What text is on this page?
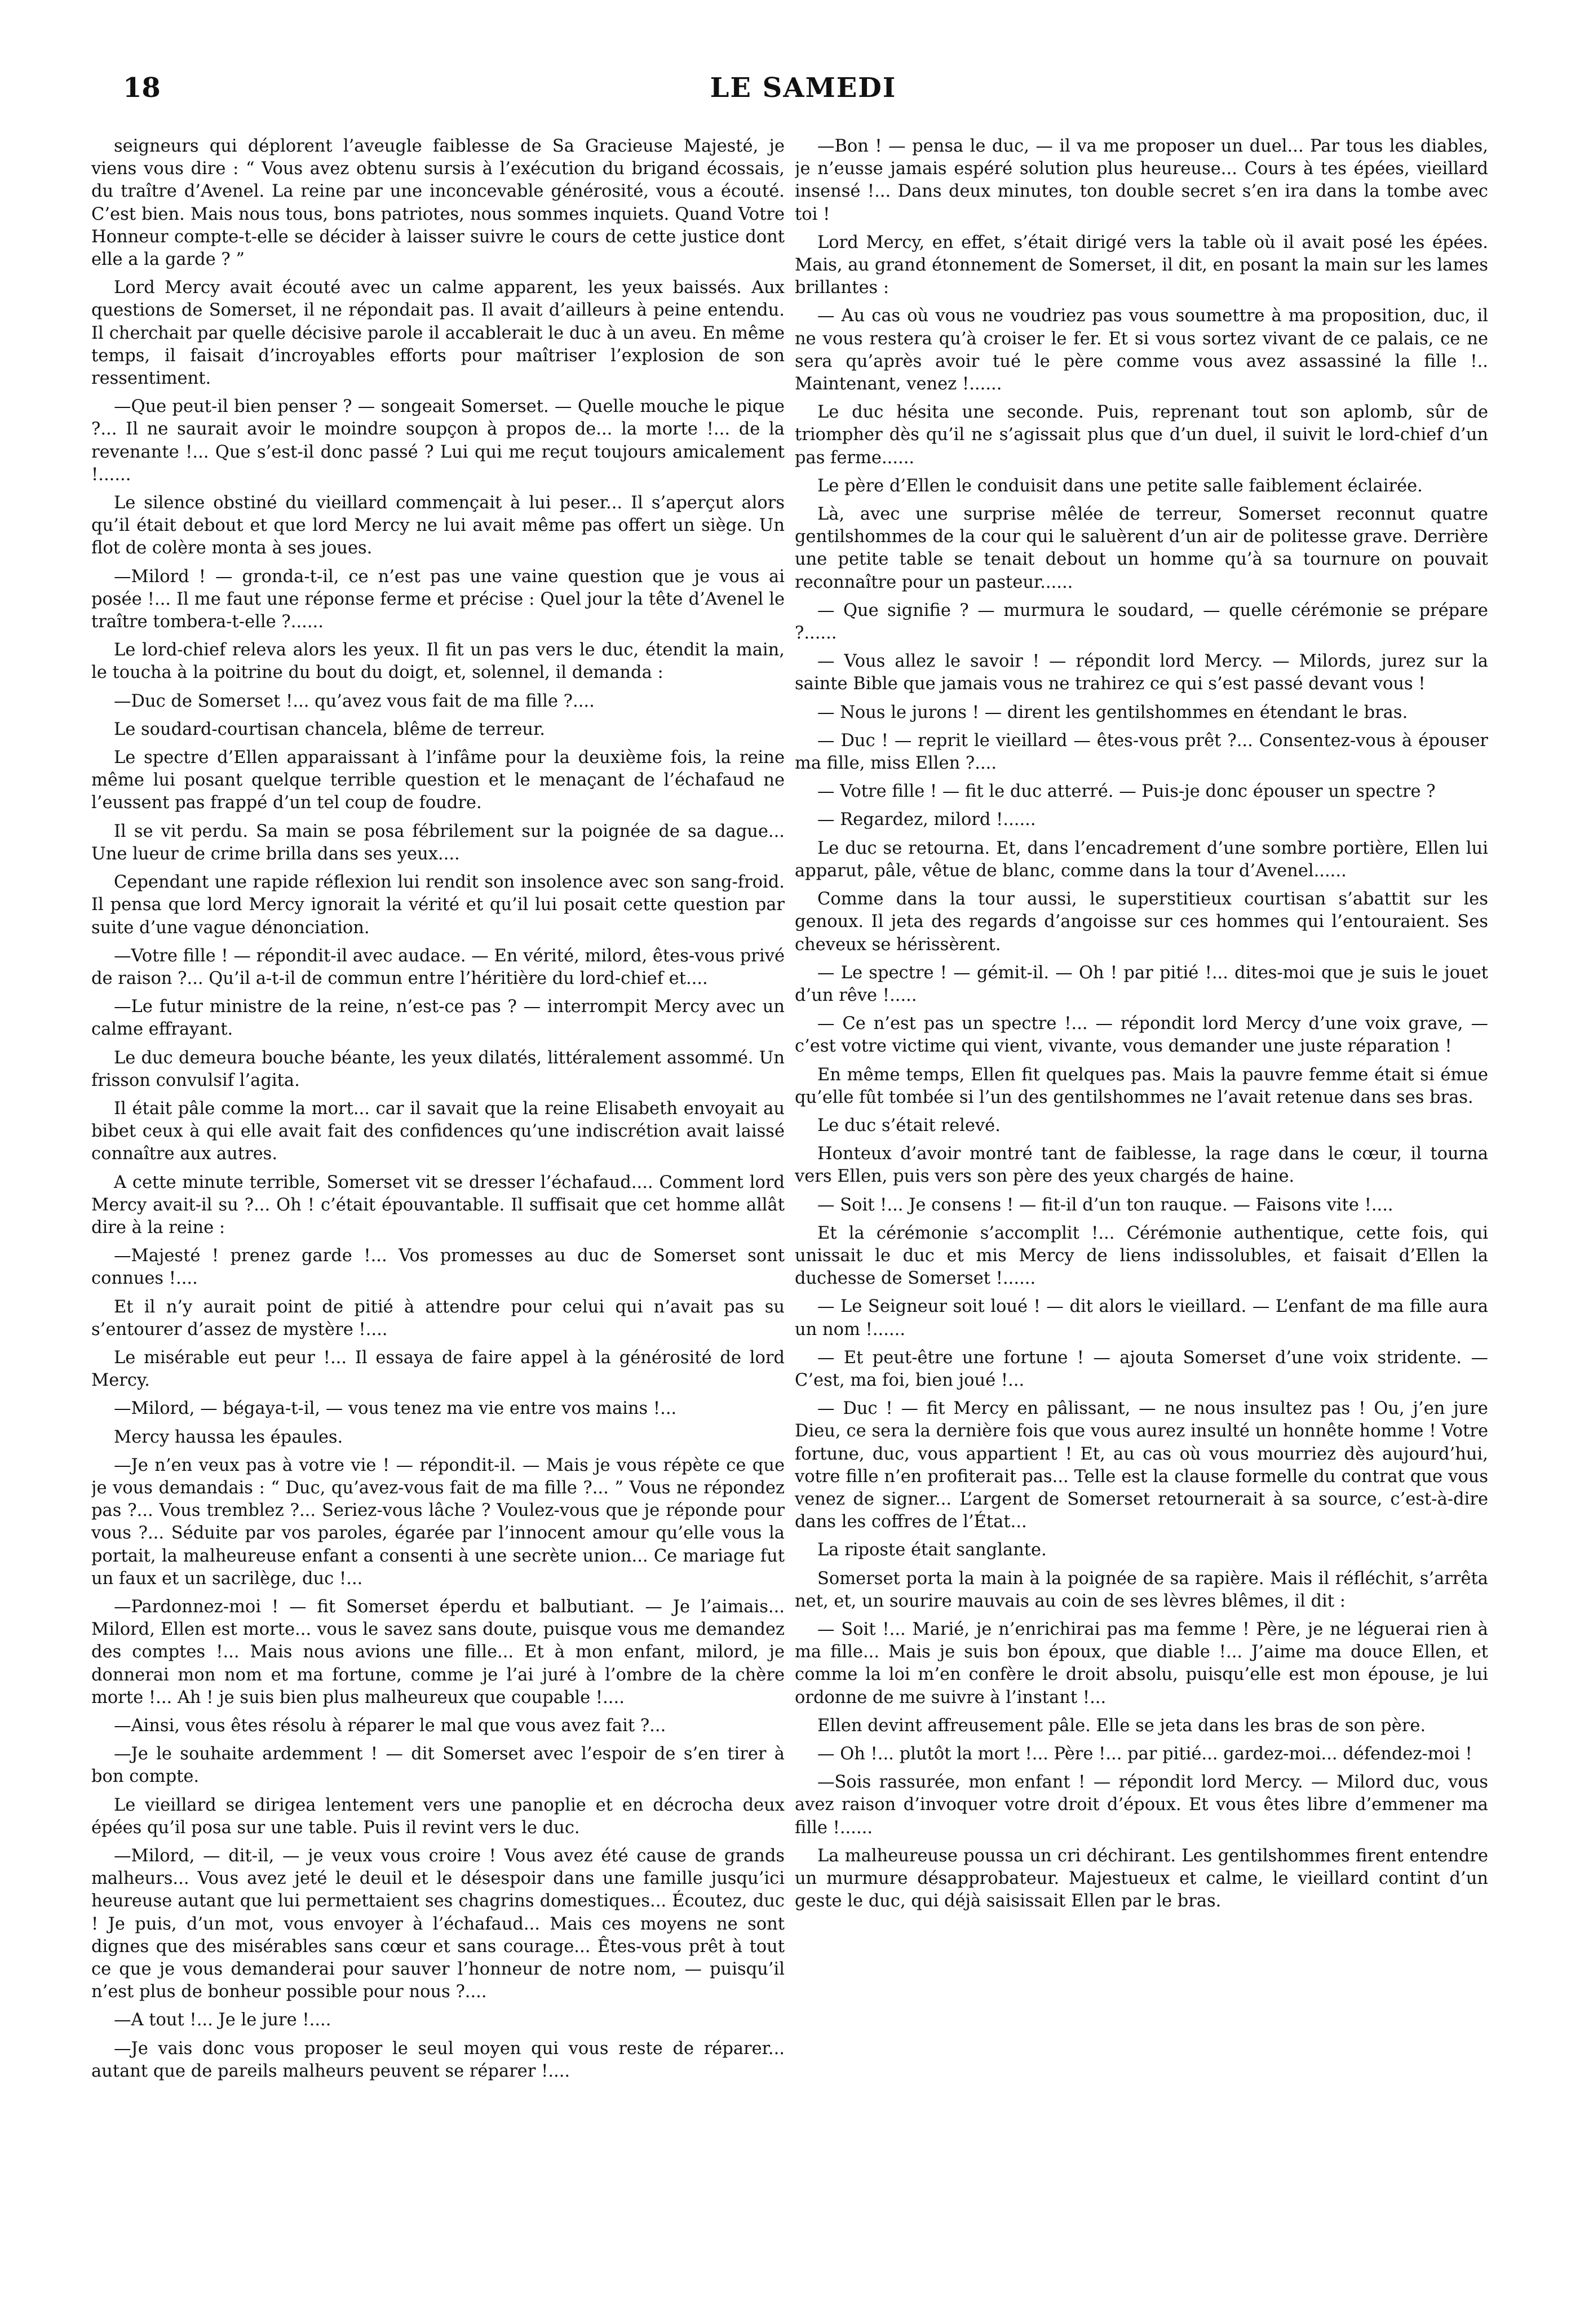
18	LE SAMEDI

seigneurs qui déplorent l’aveugle faiblesse de Sa Gracieuse Majesté, je viens vous dire : “ Vous avez obtenu sursis à l’exécution du brigand écossais, du traître d’Avenel. La reine par une inconcevable générosité, vous a écouté. C’est bien. Mais nous tous, bons patriotes, nous sommes inquiets. Quand Votre Honneur compte-t-elle se décider à laisser suivre le cours de cette justice dont elle a la garde ? ”

Lord Mercy avait écouté avec un calme apparent, les yeux baissés. Aux questions de Somerset, il ne répondait pas. Il avait d’ailleurs à peine entendu. Il cherchait par quelle décisive parole il accablerait le duc à un aveu. En même temps, il faisait d’incroyables efforts pour maîtriser l’explosion de son ressentiment.

—Que peut-il bien penser ? — songeait Somerset. — Quelle mouche le pique ?... Il ne saurait avoir le moindre soupçon à propos de... la morte !... de la revenante !... Que s’est-il donc passé ? Lui qui me reçut toujours amicalement !......

Le silence obstiné du vieillard commençait à lui peser... Il s’aperçut alors qu’il était debout et que lord Mercy ne lui avait même pas offert un siège. Un flot de colère monta à ses joues.

—Milord ! — gronda-t-il, ce n’est pas une vaine question que je vous ai posée !... Il me faut une réponse ferme et précise : Quel jour la tête d’Avenel le traître tombera-t-elle ?......

Le lord-chief releva alors les yeux. Il fit un pas vers le duc, étendit la main, le toucha à la poitrine du bout du doigt, et, solennel, il demanda :

—Duc de Somerset !... qu’avez vous fait de ma fille ?....

Le soudard-courtisan chancela, blême de terreur.

Le spectre d’Ellen apparaissant à l’infâme pour la deuxième fois, la reine même lui posant quelque terrible question et le menaçant de l’échafaud ne l’eussent pas frappé d’un tel coup de foudre.

Il se vit perdu. Sa main se posa fébrilement sur la poignée de sa dague... Une lueur de crime brilla dans ses yeux....

Cependant une rapide réflexion lui rendit son insolence avec son sang-froid. Il pensa que lord Mercy ignorait la vérité et qu’il lui posait cette question par suite d’une vague dénonciation.

—Votre fille ! — répondit-il avec audace. — En vérité, milord, êtes-vous privé de raison ?... Qu’il a-t-il de commun entre l’héritière du lord-chief et....

—Le futur ministre de la reine, n’est-ce pas ? — interrompit Mercy avec un calme effrayant.

Le duc demeura bouche béante, les yeux dilatés, littéralement assommé. Un frisson convulsif l’agita.

Il était pâle comme la mort... car il savait que la reine Elisabeth envoyait au bibet ceux à qui elle avait fait des confidences qu’une indiscrétion avait laissé connaître aux autres.

A cette minute terrible, Somerset vit se dresser l’échafaud.... Comment lord Mercy avait-il su ?... Oh ! c’était épouvantable. Il suffisait que cet homme allât dire à la reine :

—Majesté ! prenez garde !... Vos promesses au duc de Somerset sont connues !....

Et il n’y aurait point de pitié à attendre pour celui qui n’avait pas su s’entourer d’assez de mystère !....

Le misérable eut peur !... Il essaya de faire appel à la générosité de lord Mercy.

—Milord, — bégaya-t-il, — vous tenez ma vie entre vos mains !...

Mercy haussa les épaules.

—Je n’en veux pas à votre vie ! — répondit-il. — Mais je vous répète ce que je vous demandais : “ Duc, qu’avez-vous fait de ma fille ?... ” Vous ne répondez pas ?... Vous tremblez ?... Seriez-vous lâche ? Voulez-vous que je réponde pour vous ?... Séduite par vos paroles, égarée par l’innocent amour qu’elle vous la portait, la malheureuse enfant a consenti à une secrète union... Ce mariage fut un faux et un sacrilège, duc !...

—Pardonnez-moi ! — fit Somerset éperdu et balbutiant. — Je l’aimais... Milord, Ellen est morte... vous le savez sans doute, puisque vous me demandez des comptes !... Mais nous avions une fille... Et à mon enfant, milord, je donnerai mon nom et ma fortune, comme je l’ai juré à l’ombre de la chère morte !... Ah ! je suis bien plus malheureux que coupable !....

—Ainsi, vous êtes résolu à réparer le mal que vous avez fait ?...

—Je le souhaite ardemment ! — dit Somerset avec l’espoir de s’en tirer à bon compte.

Le vieillard se dirigea lentement vers une panoplie et en décrocha deux épées qu’il posa sur une table. Puis il revint vers le duc.

—Milord, — dit-il, — je veux vous croire ! Vous avez été cause de grands malheurs... Vous avez jeté le deuil et le désespoir dans une famille jusqu’ici heureuse autant que lui permettaient ses chagrins domestiques... Écoutez, duc ! Je puis, d’un mot, vous envoyer à l’échafaud... Mais ces moyens ne sont dignes que des misérables sans cœur et sans courage... Êtes-vous prêt à tout ce que je vous demanderai pour sauver l’honneur de notre nom, — puisqu’il n’est plus de bonheur possible pour nous ?....

—A tout !... Je le jure !....

—Je vais donc vous proposer le seul moyen qui vous reste de réparer... autant que de pareils malheurs peuvent se réparer !....

—Bon ! — pensa le duc, — il va me proposer un duel... Par tous les diables, je n’eusse jamais espéré solution plus heureuse... Cours à tes épées, vieillard insensé !... Dans deux minutes, ton double secret s’en ira dans la tombe avec toi !

Lord Mercy, en effet, s’était dirigé vers la table où il avait posé les épées. Mais, au grand étonnement de Somerset, il dit, en posant la main sur les lames brillantes :

— Au cas où vous ne voudriez pas vous soumettre à ma proposition, duc, il ne vous restera qu’à croiser le fer. Et si vous sortez vivant de ce palais, ce ne sera qu’après avoir tué le père comme vous avez assassiné la fille !.. Maintenant, venez !......

Le duc hésita une seconde. Puis, reprenant tout son aplomb, sûr de triompher dès qu’il ne s’agissait plus que d’un duel, il suivit le lord-chief d’un pas ferme......

Le père d’Ellen le conduisit dans une petite salle faiblement éclairée.

Là, avec une surprise mêlée de terreur, Somerset reconnut quatre gentilshommes de la cour qui le saluèrent d’un air de politesse grave. Derrière une petite table se tenait debout un homme qu’à sa tournure on pouvait reconnaître pour un pasteur......

— Que signifie ? — murmura le soudard, — quelle cérémonie se prépare ?......

— Vous allez le savoir ! — répondit lord Mercy. — Milords, jurez sur la sainte Bible que jamais vous ne trahirez ce qui s’est passé devant vous !

— Nous le jurons ! — dirent les gentilshommes en étendant le bras.

— Duc ! — reprit le vieillard — êtes-vous prêt ?... Consentez-vous à épouser ma fille, miss Ellen ?....

— Votre fille ! — fit le duc atterré. — Puis-je donc épouser un spectre ?

— Regardez, milord !......

Le duc se retourna. Et, dans l’encadrement d’une sombre portière, Ellen lui apparut, pâle, vêtue de blanc, comme dans la tour d’Avenel......

Comme dans la tour aussi, le superstitieux courtisan s’abattit sur les genoux. Il jeta des regards d’angoisse sur ces hommes qui l’entouraient. Ses cheveux se hérissèrent.

— Le spectre ! — gémit-il. — Oh ! par pitié !... dites-moi que je suis le jouet d’un rêve !.....

— Ce n’est pas un spectre !... — répondit lord Mercy d’une voix grave, — c’est votre victime qui vient, vivante, vous demander une juste réparation !

En même temps, Ellen fit quelques pas. Mais la pauvre femme était si émue qu’elle fût tombée si l’un des gentilshommes ne l’avait retenue dans ses bras.

Le duc s’était relevé.

Honteux d’avoir montré tant de faiblesse, la rage dans le cœur, il tourna vers Ellen, puis vers son père des yeux chargés de haine.

— Soit !... Je consens ! — fit-il d’un ton rauque. — Faisons vite !....

Et la cérémonie s’accomplit !... Cérémonie authentique, cette fois, qui unissait le duc et mis Mercy de liens indissolubles, et faisait d’Ellen la duchesse de Somerset !......

— Le Seigneur soit loué ! — dit alors le vieillard. — L’enfant de ma fille aura un nom !......

— Et peut-être une fortune ! — ajouta Somerset d’une voix stridente. — C’est, ma foi, bien joué !...

— Duc ! — fit Mercy en pâlissant, — ne nous insultez pas ! Ou, j’en jure Dieu, ce sera la dernière fois que vous aurez insulté un honnête homme ! Votre fortune, duc, vous appartient ! Et, au cas où vous mourriez dès aujourd’hui, votre fille n’en profiterait pas... Telle est la clause formelle du contrat que vous venez de signer... L’argent de Somerset retournerait à sa source, c’est-à-dire dans les coffres de l’État...

La riposte était sanglante.

Somerset porta la main à la poignée de sa rapière. Mais il réfléchit, s’arrêta net, et, un sourire mauvais au coin de ses lèvres blêmes, il dit :

— Soit !... Marié, je n’enrichirai pas ma femme ! Père, je ne léguerai rien à ma fille... Mais je suis bon époux, que diable !... J’aime ma douce Ellen, et comme la loi m’en confère le droit absolu, puisqu’elle est mon épouse, je lui ordonne de me suivre à l’instant !...

Ellen devint affreusement pâle. Elle se jeta dans les bras de son père.

— Oh !... plutôt la mort !... Père !... par pitié... gardez-moi... défendez-moi !

—Sois rassurée, mon enfant ! — répondit lord Mercy. — Milord duc, vous avez raison d’invoquer votre droit d’époux. Et vous êtes libre d’emmener ma fille !......

La malheureuse poussa un cri déchirant. Les gentilshommes firent entendre un murmure désapprobateur. Majestueux et calme, le vieillard contint d’un geste le duc, qui déjà saisissait Ellen par le bras.
